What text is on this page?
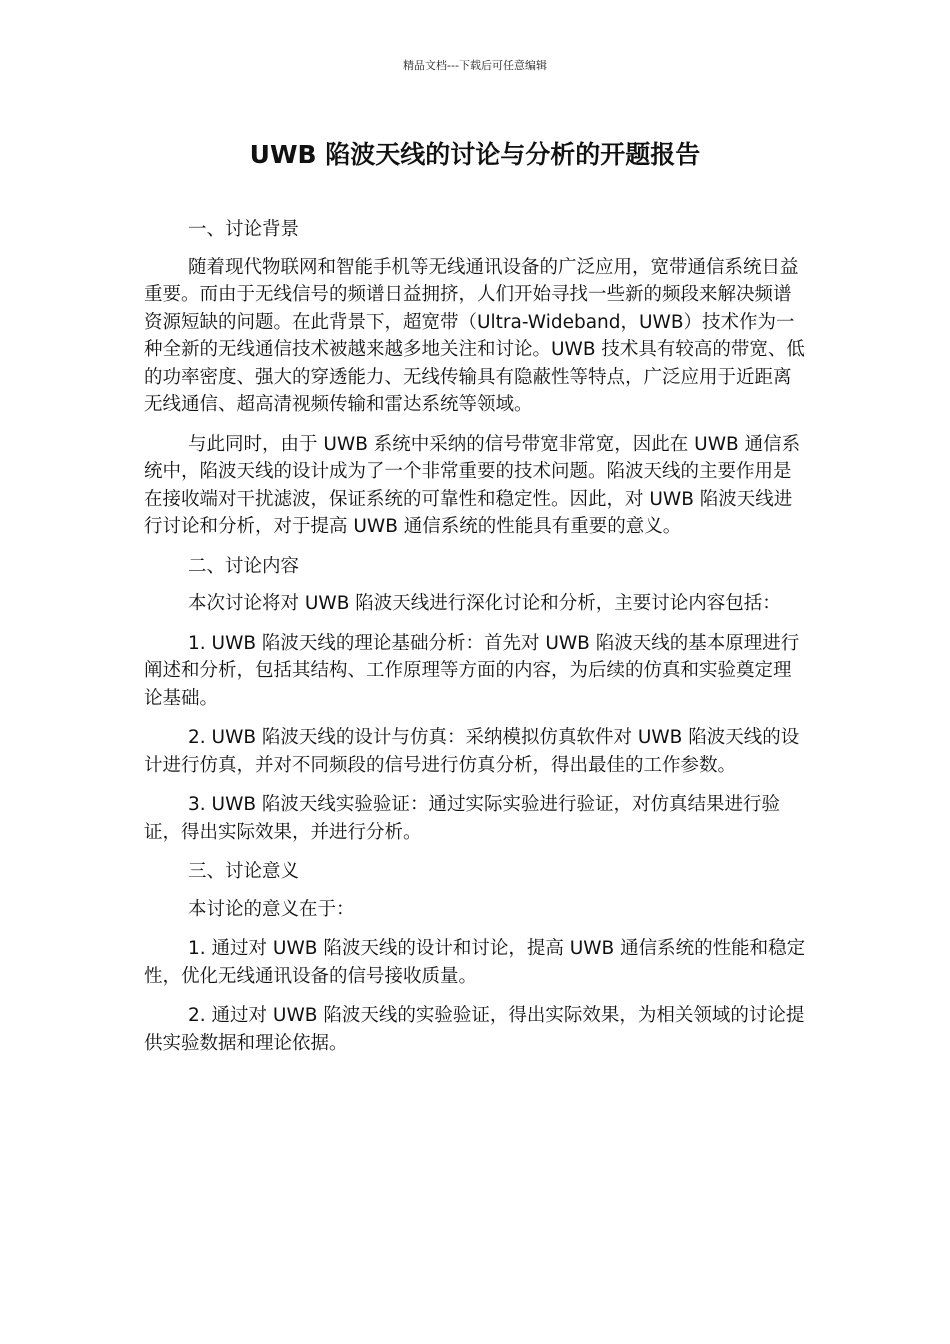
精品文档---下载后可任意编辑
UWB 陷波天线的讨论与分析的开题报告

一、讨论背景

随着现代物联网和智能手机等无线通讯设备的广泛应用，宽带通信系统日益重要。而由于无线信号的频谱日益拥挤，人们开始寻找一些新的频段来解决频谱资源短缺的问题。在此背景下，超宽带（Ultra-Wideband，UWB）技术作为一种全新的无线通信技术被越来越多地关注和讨论。UWB 技术具有较高的带宽、低的功率密度、强大的穿透能力、无线传输具有隐蔽性等特点，广泛应用于近距离无线通信、超高清视频传输和雷达系统等领域。

与此同时，由于 UWB 系统中采纳的信号带宽非常宽，因此在 UWB 通信系统中，陷波天线的设计成为了一个非常重要的技术问题。陷波天线的主要作用是在接收端对干扰滤波，保证系统的可靠性和稳定性。因此，对 UWB 陷波天线进行讨论和分析，对于提高 UWB 通信系统的性能具有重要的意义。

二、讨论内容

本次讨论将对 UWB 陷波天线进行深化讨论和分析，主要讨论内容包括：

1. UWB 陷波天线的理论基础分析：首先对 UWB 陷波天线的基本原理进行阐述和分析，包括其结构、工作原理等方面的内容，为后续的仿真和实验奠定理论基础。

2. UWB 陷波天线的设计与仿真：采纳模拟仿真软件对 UWB 陷波天线的设计进行仿真，并对不同频段的信号进行仿真分析，得出最佳的工作参数。

3. UWB 陷波天线实验验证：通过实际实验进行验证，对仿真结果进行验证，得出实际效果，并进行分析。

三、讨论意义

本讨论的意义在于：

1. 通过对 UWB 陷波天线的设计和讨论，提高 UWB 通信系统的性能和稳定性，优化无线通讯设备的信号接收质量。

2. 通过对 UWB 陷波天线的实验验证，得出实际效果，为相关领域的讨论提供实验数据和理论依据。
